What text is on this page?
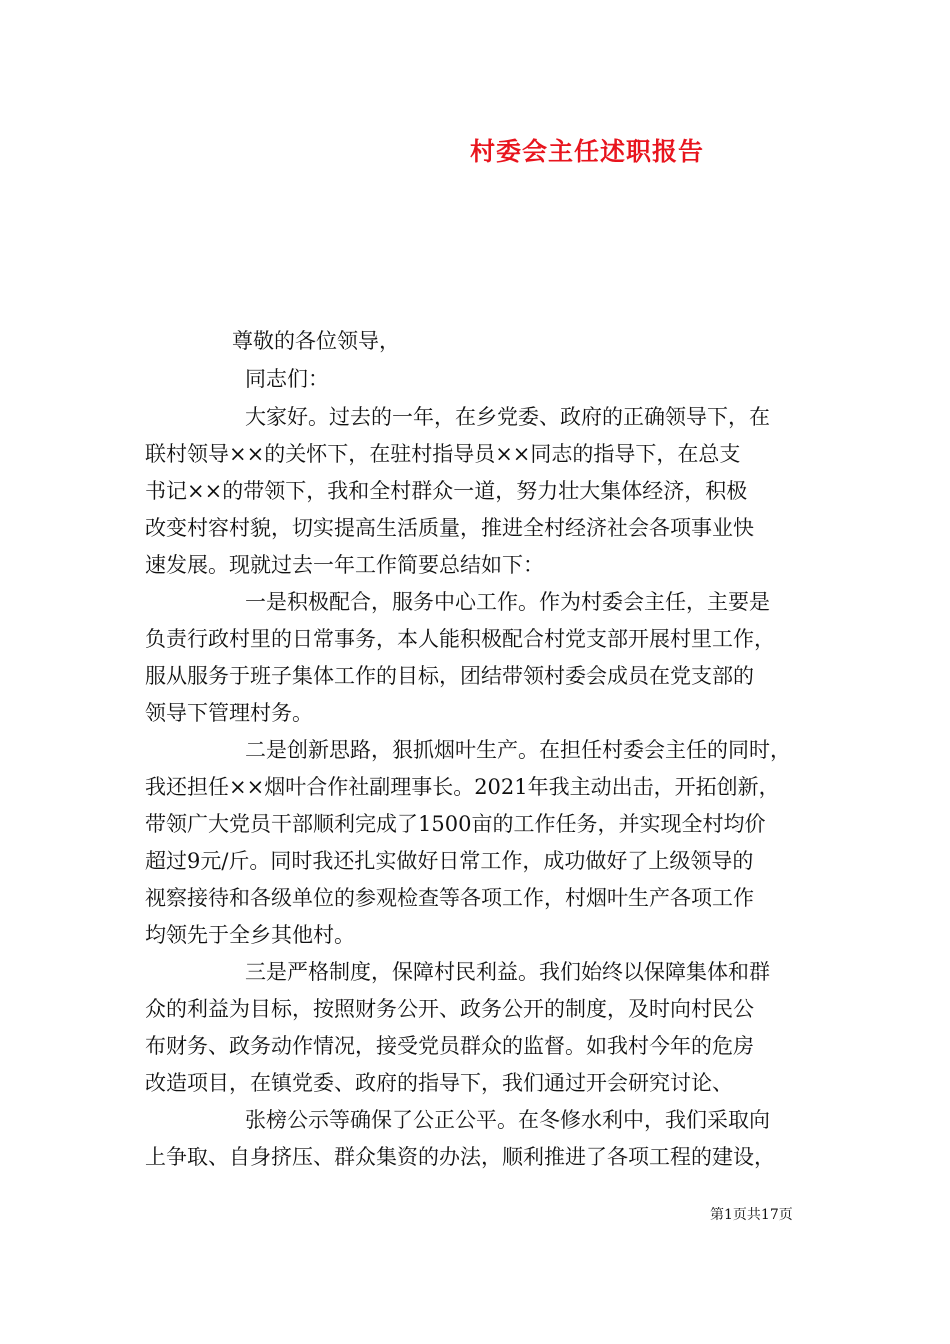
村委会主任述职报告
尊敬的各位领导，
同志们：
大家好。过去的一年，在乡党委、政府的正确领导下，在
联村领导××的关怀下，在驻村指导员××同志的指导下，在总支
书记××的带领下，我和全村群众一道，努力壮大集体经济，积极
改变村容村貌，切实提高生活质量，推进全村经济社会各项事业快
速发展。现就过去一年工作简要总结如下：
一是积极配合，服务中心工作。作为村委会主任，主要是
负责行政村里的日常事务，本人能积极配合村党支部开展村里工作，
服从服务于班子集体工作的目标，团结带领村委会成员在党支部的
领导下管理村务。
二是创新思路，狠抓烟叶生产。在担任村委会主任的同时，
我还担任××烟叶合作社副理事长。2021年我主动出击，开拓创新，
带领广大党员干部顺利完成了1500亩的工作任务，并实现全村均价
超过9元/斤。同时我还扎实做好日常工作，成功做好了上级领导的
视察接待和各级单位的参观检查等各项工作，村烟叶生产各项工作
均领先于全乡其他村。
三是严格制度，保障村民利益。我们始终以保障集体和群
众的利益为目标，按照财务公开、政务公开的制度，及时向村民公
布财务、政务动作情况，接受党员群众的监督。如我村今年的危房
改造项目，在镇党委、政府的指导下，我们通过开会研究讨论、
张榜公示等确保了公正公平。在冬修水利中，我们采取向
上争取、自身挤压、群众集资的办法，顺利推进了各项工程的建设，
第1页共17页
